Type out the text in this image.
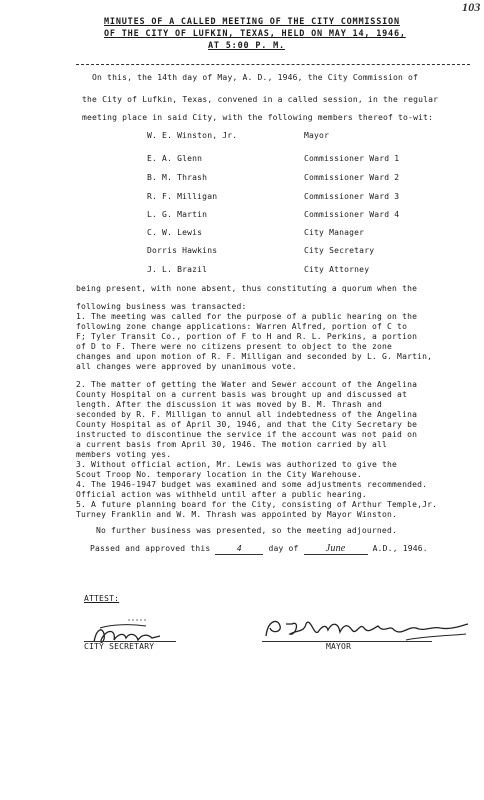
103
MINUTES OF A CALLED MEETING OF THE CITY COMMISSION
OF THE CITY OF LUFKIN, TEXAS, HELD ON MAY 14, 1946,
AT 5:00 P. M.
On this, the 14th day of May, A. D., 1946, the City Commission of
the City of Lufkin, Texas, convened in a called session, in the regular
meeting place in said City, with the following members thereof to-wit:
W. E. Winston, Jr.	Mayor
E. A. Glenn	Commissioner Ward 1
B. M. Thrash	Commissioner Ward 2
R. F. Milligan	Commissioner Ward 3
L. G. Martin	Commissioner Ward 4
C. W. Lewis	City Manager
Dorris Hawkins	City Secretary
J. L. Brazil	City Attorney
being present, with none absent, thus constituting a quorum when the
following business was transacted:
1. The meeting was called for the purpose of a public hearing on the
following zone change applications: Warren Alfred, portion of C to
F; Tyler Transit Co., portion of F to H and R. L. Perkins, a portion
of D to F. There were no citizens present to object to the zone
changes and upon motion of R. F. Milligan and seconded by L. G. Martin,
all changes were approved by unanimous vote.
2. The matter of getting the Water and Sewer account of the Angelina
County Hospital on a current basis was brought up and discussed at
length. After the discussion it was moved by B. M. Thrash and
seconded by R. F. Milligan to annul all indebtedness of the Angelina
County Hospital as of April 30, 1946, and that the City Secretary be
instructed to discontinue the service if the account was not paid on
a current basis from April 30, 1946. The motion carried by all
members voting yes.
3. Without official action, Mr. Lewis was authorized to give the
Scout Troop No. temporary location in the City Warehouse.
4. The 1946-1947 budget was examined and some adjustments recommended.
Official action was withheld until after a public hearing.
5. A future planning board for the City, consisting of Arthur Temple,Jr.
Turney Franklin and W. M. Thrash was appointed by Mayor Winston.
No further business was presented, so the meeting adjourned.
Passed and approved this	4	day of	June	A.D., 1946.
ATTEST:
CITY SECRETARY	MAYOR
